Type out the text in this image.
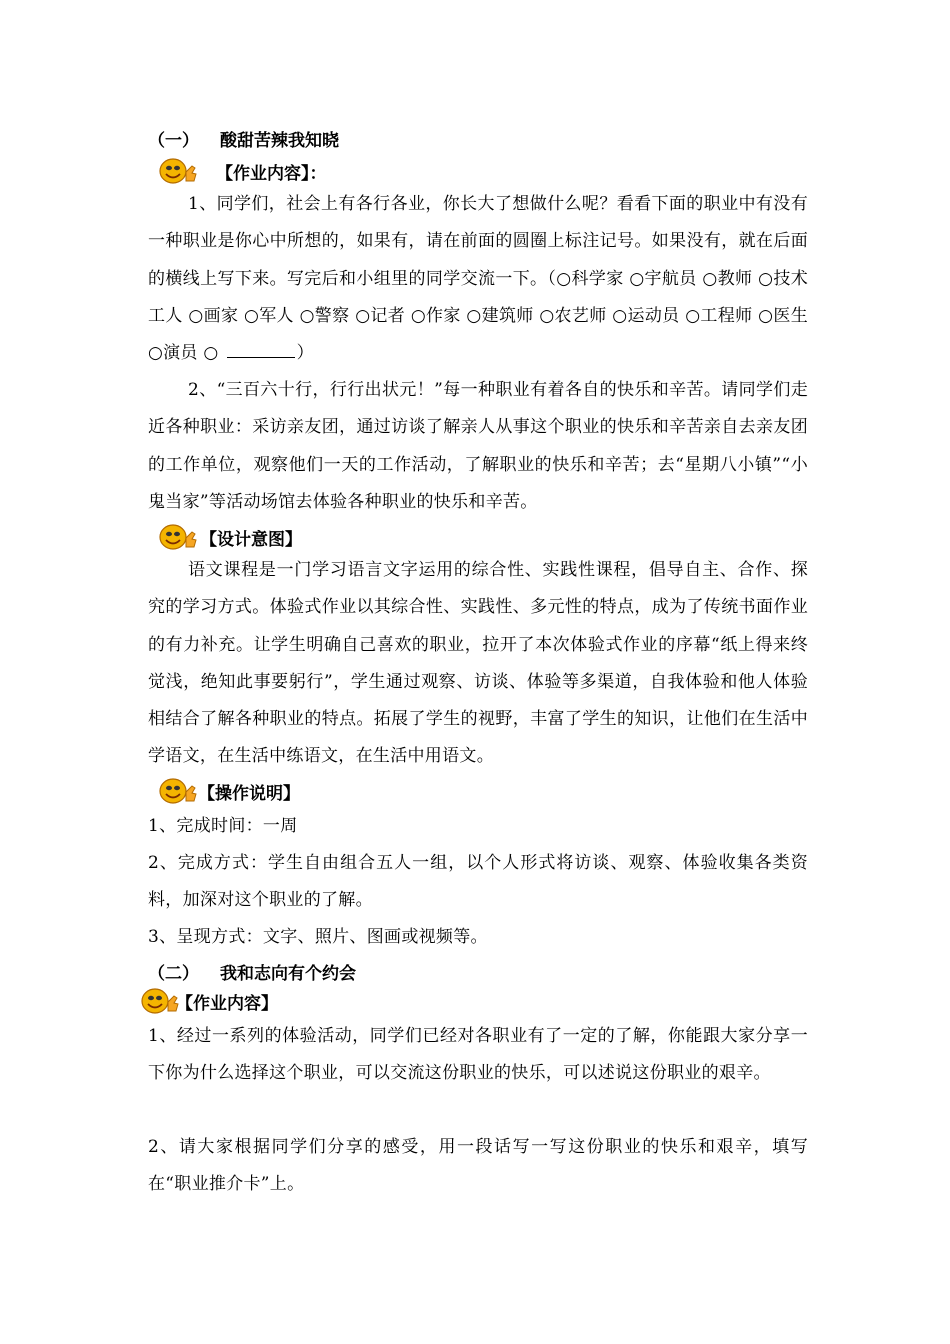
（一） 酸甜苦辣我知晓
【作业内容】：
1、同学们，社会上有各行各业，你长大了想做什么呢？看看下面的职业中有没有一种职业是你心中所想的，如果有，请在前面的圆圈上标注记号。如果没有，就在后面的横线上写下来。写完后和小组里的同学交流一下。（○科学家 ○宇航员 ○教师 ○技术工人 ○画家 ○军人 ○警察 ○记者 ○作家 ○建筑师 ○农艺师 ○运动员 ○工程师 ○医生 ○演员 ○	）
2、“三百六十行，行行出状元！”每一种职业有着各自的快乐和辛苦。请同学们走近各种职业：采访亲友团，通过访谈了解亲人从事这个职业的快乐和辛苦亲自去亲友团的工作单位，观察他们一天的工作活动，了解职业的快乐和辛苦；去“星期八小镇”“小鬼当家”等活动场馆去体验各种职业的快乐和辛苦。
【设计意图】
语文课程是一门学习语言文字运用的综合性、实践性课程，倡导自主、合作、探究的学习方式。体验式作业以其综合性、实践性、多元性的特点，成为了传统书面作业的有力补充。让学生明确自己喜欢的职业，拉开了本次体验式作业的序幕“纸上得来终觉浅，绝知此事要躬行”，学生通过观察、访谈、体验等多渠道，自我体验和他人体验相结合了解各种职业的特点。拓展了学生的视野，丰富了学生的知识，让他们在生活中学语文，在生活中练语文，在生活中用语文。
【操作说明】
1、完成时间：一周
2、完成方式：学生自由组合五人一组，以个人形式将访谈、观察、体验收集各类资料，加深对这个职业的了解。
3、呈现方式：文字、照片、图画或视频等。
（二） 我和志向有个约会
【作业内容】
1、经过一系列的体验活动，同学们已经对各职业有了一定的了解，你能跟大家分享一下你为什么选择这个职业，可以交流这份职业的快乐，可以述说这份职业的艰辛。
2、请大家根据同学们分享的感受，用一段话写一写这份职业的快乐和艰辛，填写在“职业推介卡”上。
